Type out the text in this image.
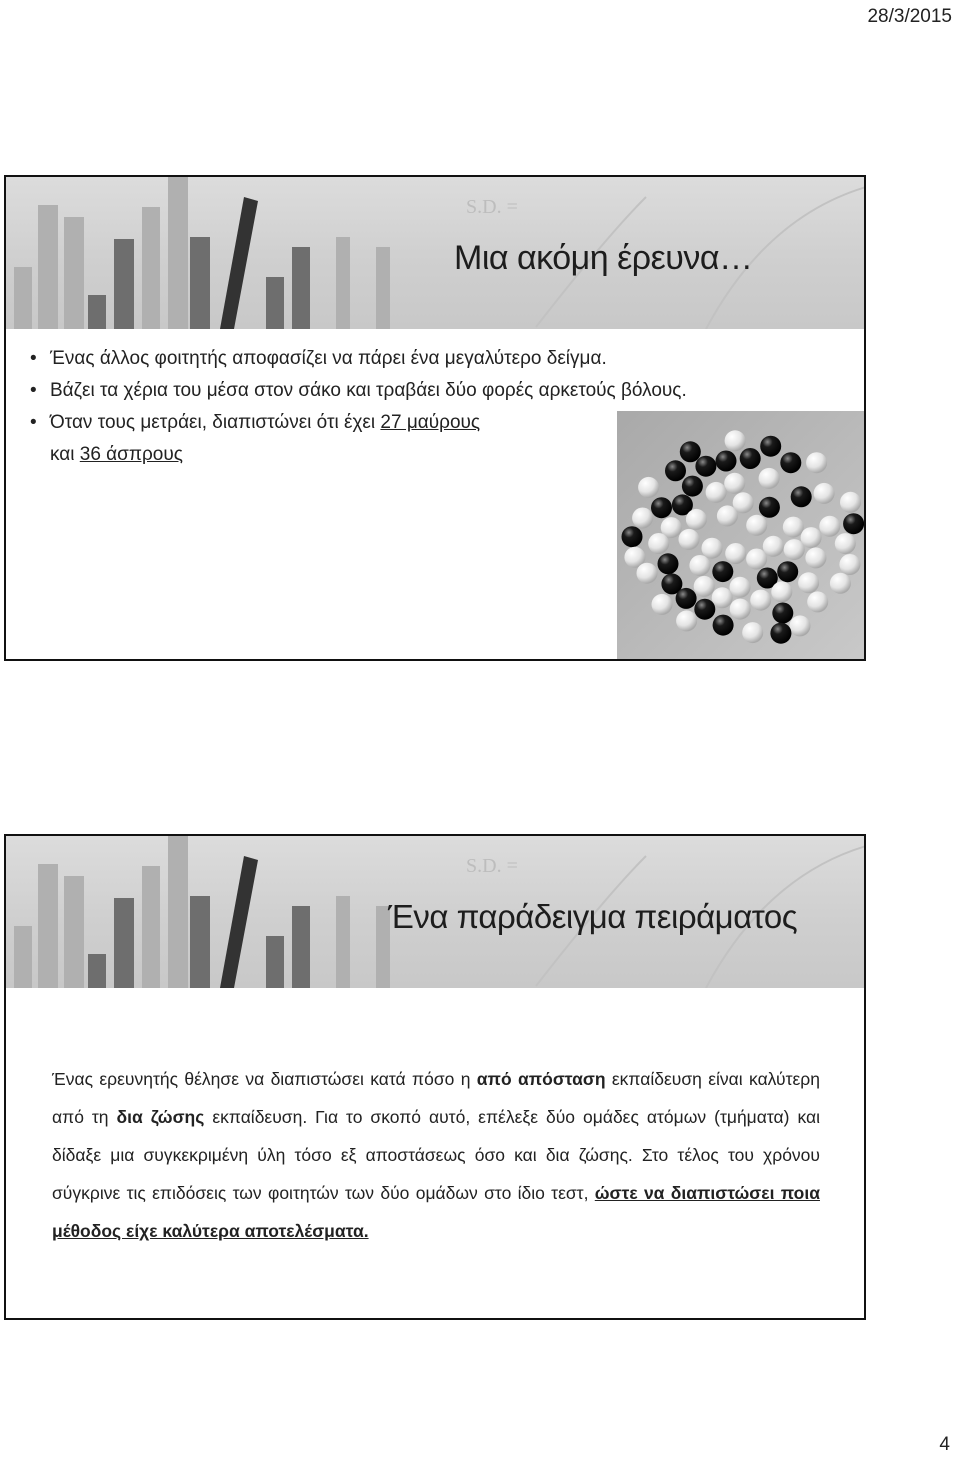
28/3/2015
S.D. =
Μια ακόμη έρευνα…
• Ένας άλλος φοιτητής αποφασίζει να πάρει ένα μεγαλύτερο δείγμα.
• Βάζει τα χέρια του μέσα στον σάκο και τραβάει δύο φορές αρκετούς βόλους.
• Όταν τους μετράει, διαπιστώνει ότι έχει 27 μαύρους
και 36 άσπρους
S.D. =
Ένα παράδειγμα πειράματος

Ένας ερευνητής θέλησε να διαπιστώσει κατά πόσο η από απόσταση εκπαίδευση είναι καλύτερη από τη δια ζώσης εκπαίδευση. Για το σκοπό αυτό, επέλεξε δύο ομάδες ατόμων (τμήματα) και δίδαξε μια συγκεκριμένη ύλη τόσο εξ αποστάσεως όσο και δια ζώσης. Στο τέλος του χρόνου σύγκρινε τις επιδόσεις των φοιτητών των δύο ομάδων στο ίδιο τεστ, ώστε να διαπιστώσει ποια μέθοδος είχε καλύτερα αποτελέσματα.

4
